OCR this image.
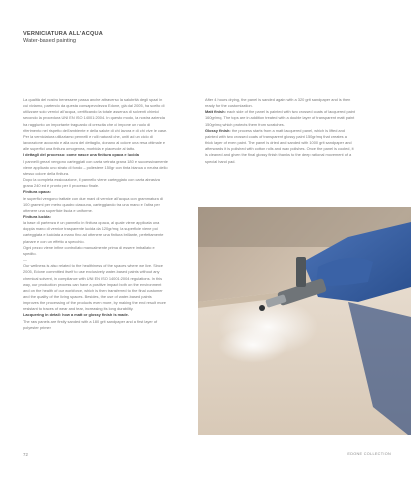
VERNICIATURA ALL’ACQUA
Water-based painting

La qualità del nostro benessere passa anche attraverso la salubrità degli spazi in cui viviamo, partendo da questa consapevolezza Edone, già dal 2005, ha scelto di utilizzare solo vernici all’acqua, certificando la totale assenza di solventi chimici secondo la procedura UNI EN ISO 14001:2004. In questo modo, la nostra azienda ha raggiunto un importante traguardo di crescita che ci impone un ruolo di riferimento nel rispetto dell’ambiente e della salute di chi lavora e di chi vive le case. Per la verniciatura utilizziamo pennelli e rulli naturali che, uniti ad un ciclo di lavorazione accurato e alla cura del dettaglio, donano al colore una resa ottimale e alle superfici una finitura omogenea, morbida e piacevole al tatto.

I dettagli del processo: come nasce una finitura opaca e lucida

I pannelli grezzi vengono carteggiati con carta vetrata grana 180 e successivamente viene applicato uno strato di fondo – poliestere 150gr con tinta bianca o neutra dello stesso colore della finitura.

Dopo la completa essiccazione, il pannello viene carteggiato con carta abrasiva grana 240 ed è pronto per il processo finale.

Finitura opaca:

le superfici vengono trattate con due mani di vernice all’acqua con grammatura di 100 grammi per metro quadro ciascuna, carteggiando tra una mano e l’altra per ottenere una superficie liscia e uniforme.

Finitura lucida:

la base di partenza è un pannello in finitura opaca, al quale viene applicata una doppia mano di vernice trasparente lucida da 120gr/mq; la superficie viene poi carteggiata e lucidata a mano fino ad ottenere una finitura brillante, perfettamente planare e con un effetto a specchio.

Ogni pezzo viene infine controllato manualmente prima di essere imballato e spedito.

—

Our wellness is also related to the healthiness of the spaces where we live. Since 2005, Edone committed itself to use exclusively water-based paints without any chemical solvent, in compliance with UNI EN ISO 14001:2004 regulations. In this way, our production process can have a positive impact both on the environment and on the health of our workforce, which is then transferred to the final customer and the quality of the living spaces. Besides, the use of water-based paints improves the processing of the products even more, by making the end result more resistant to traces of wear and tear, increasing its long durability.

Lacquering in detail: how a matt or glossy finish is made.

The raw panels are firstly sanded with a 180 grit sandpaper and a first layer of polyester primer

After 4 hours drying, the panel is sanded again with a 320 grit sandpaper and is then ready for the customization.

Matt finish: each side of the panel is painted with two crossed coats of lacquered paint 160gr/mq. The tops are in addition treated with a double layer of transparent matt paint 150gr/mq which protects them from scratches.

Glossy finish: the process starts from a matt lacquered panel, which is lifted and painted with two crossed coats of transparent glossy paint 150gr/mq that creates a thick layer of even paint. The panel is dried and sanded with 1000 grit sandpaper and afterwards it is polished with cotton rolls and wax polishes. Once the panel is cooled, it is cleaned and given the final glossy finish thanks to the deep rational movement of a special hand pad.

72	EDONE COLLECTION
